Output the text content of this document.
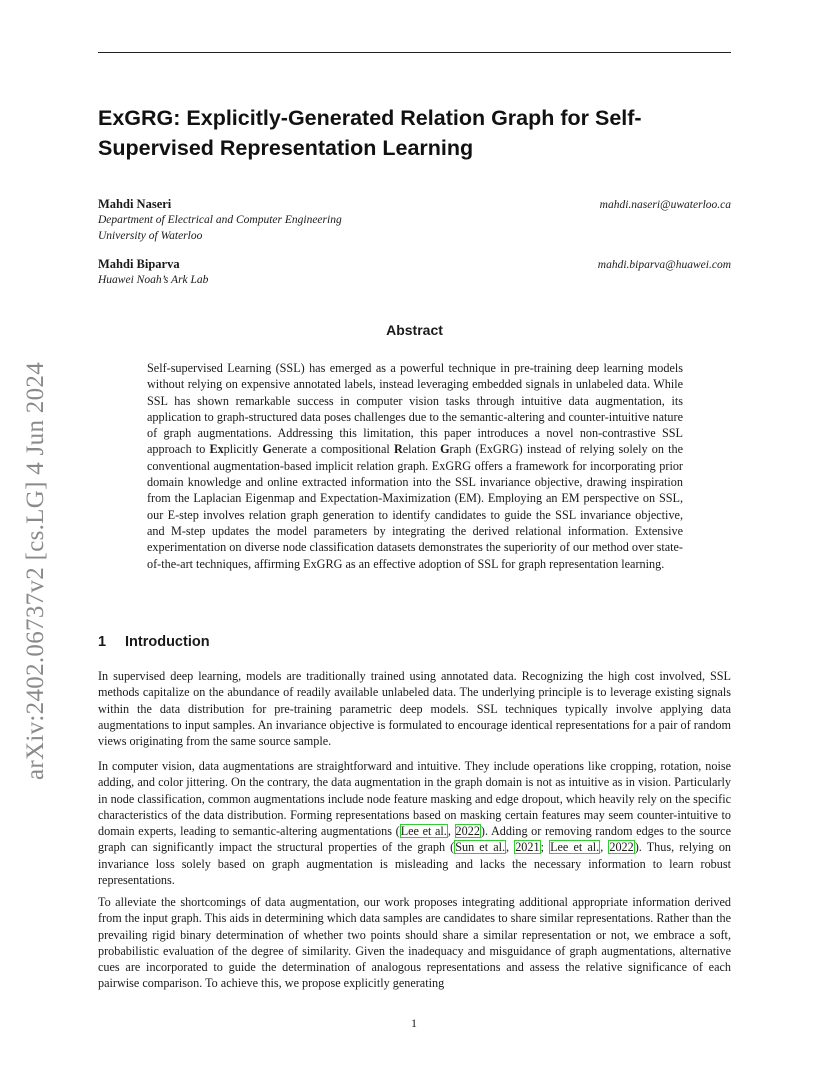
arXiv:2402.06737v2 [cs.LG] 4 Jun 2024
ExGRG: Explicitly-Generated Relation Graph for Self-Supervised Representation Learning
Mahdi Naseri	mahdi.naseri@uwaterloo.ca
Department of Electrical and Computer Engineering
University of Waterloo
Mahdi Biparva	mahdi.biparva@huawei.com
Huawei Noah’s Ark Lab
Abstract

Self-supervised Learning (SSL) has emerged as a powerful technique in pre-training deep learning models without relying on expensive annotated labels, instead leveraging embedded signals in unlabeled data. While SSL has shown remarkable success in computer vision tasks through intuitive data augmentation, its application to graph-structured data poses challenges due to the semantic-altering and counter-intuitive nature of graph augmentations. Addressing this limitation, this paper introduces a novel non-contrastive SSL approach to Explicitly Generate a compositional Relation Graph (ExGRG) instead of relying solely on the conventional augmentation-based implicit relation graph. ExGRG offers a framework for incorporating prior domain knowledge and online extracted information into the SSL invariance objective, drawing inspiration from the Laplacian Eigenmap and Expectation-Maximization (EM). Employing an EM perspective on SSL, our E-step involves relation graph generation to identify candidates to guide the SSL invariance objective, and M-step updates the model parameters by integrating the derived relational information. Extensive experimentation on diverse node classification datasets demonstrates the superiority of our method over state-of-the-art techniques, affirming ExGRG as an effective adoption of SSL for graph representation learning.

1 Introduction

In supervised deep learning, models are traditionally trained using annotated data. Recognizing the high cost involved, SSL methods capitalize on the abundance of readily available unlabeled data. The underlying principle is to leverage existing signals within the data distribution for pre-training parametric deep models. SSL techniques typically involve applying data augmentations to input samples. An invariance objective is formulated to encourage identical representations for a pair of random views originating from the same source sample.

In computer vision, data augmentations are straightforward and intuitive. They include operations like cropping, rotation, noise adding, and color jittering. On the contrary, the data augmentation in the graph domain is not as intuitive as in vision. Particularly in node classification, common augmentations include node feature masking and edge dropout, which heavily rely on the specific characteristics of the data distribution. Forming representations based on masking certain features may seem counter-intuitive to domain experts, leading to semantic-altering augmentations (Lee et al., 2022). Adding or removing random edges to the source graph can significantly impact the structural properties of the graph (Sun et al., 2021; Lee et al., 2022). Thus, relying on invariance loss solely based on graph augmentation is misleading and lacks the necessary information to learn robust representations.

To alleviate the shortcomings of data augmentation, our work proposes integrating additional appropriate information derived from the input graph. This aids in determining which data samples are candidates to share similar representations. Rather than the prevailing rigid binary determination of whether two points should share a similar representation or not, we embrace a soft, probabilistic evaluation of the degree of similarity. Given the inadequacy and misguidance of graph augmentations, alternative cues are incorporated to guide the determination of analogous representations and assess the relative significance of each pairwise comparison. To achieve this, we propose explicitly generating

1
